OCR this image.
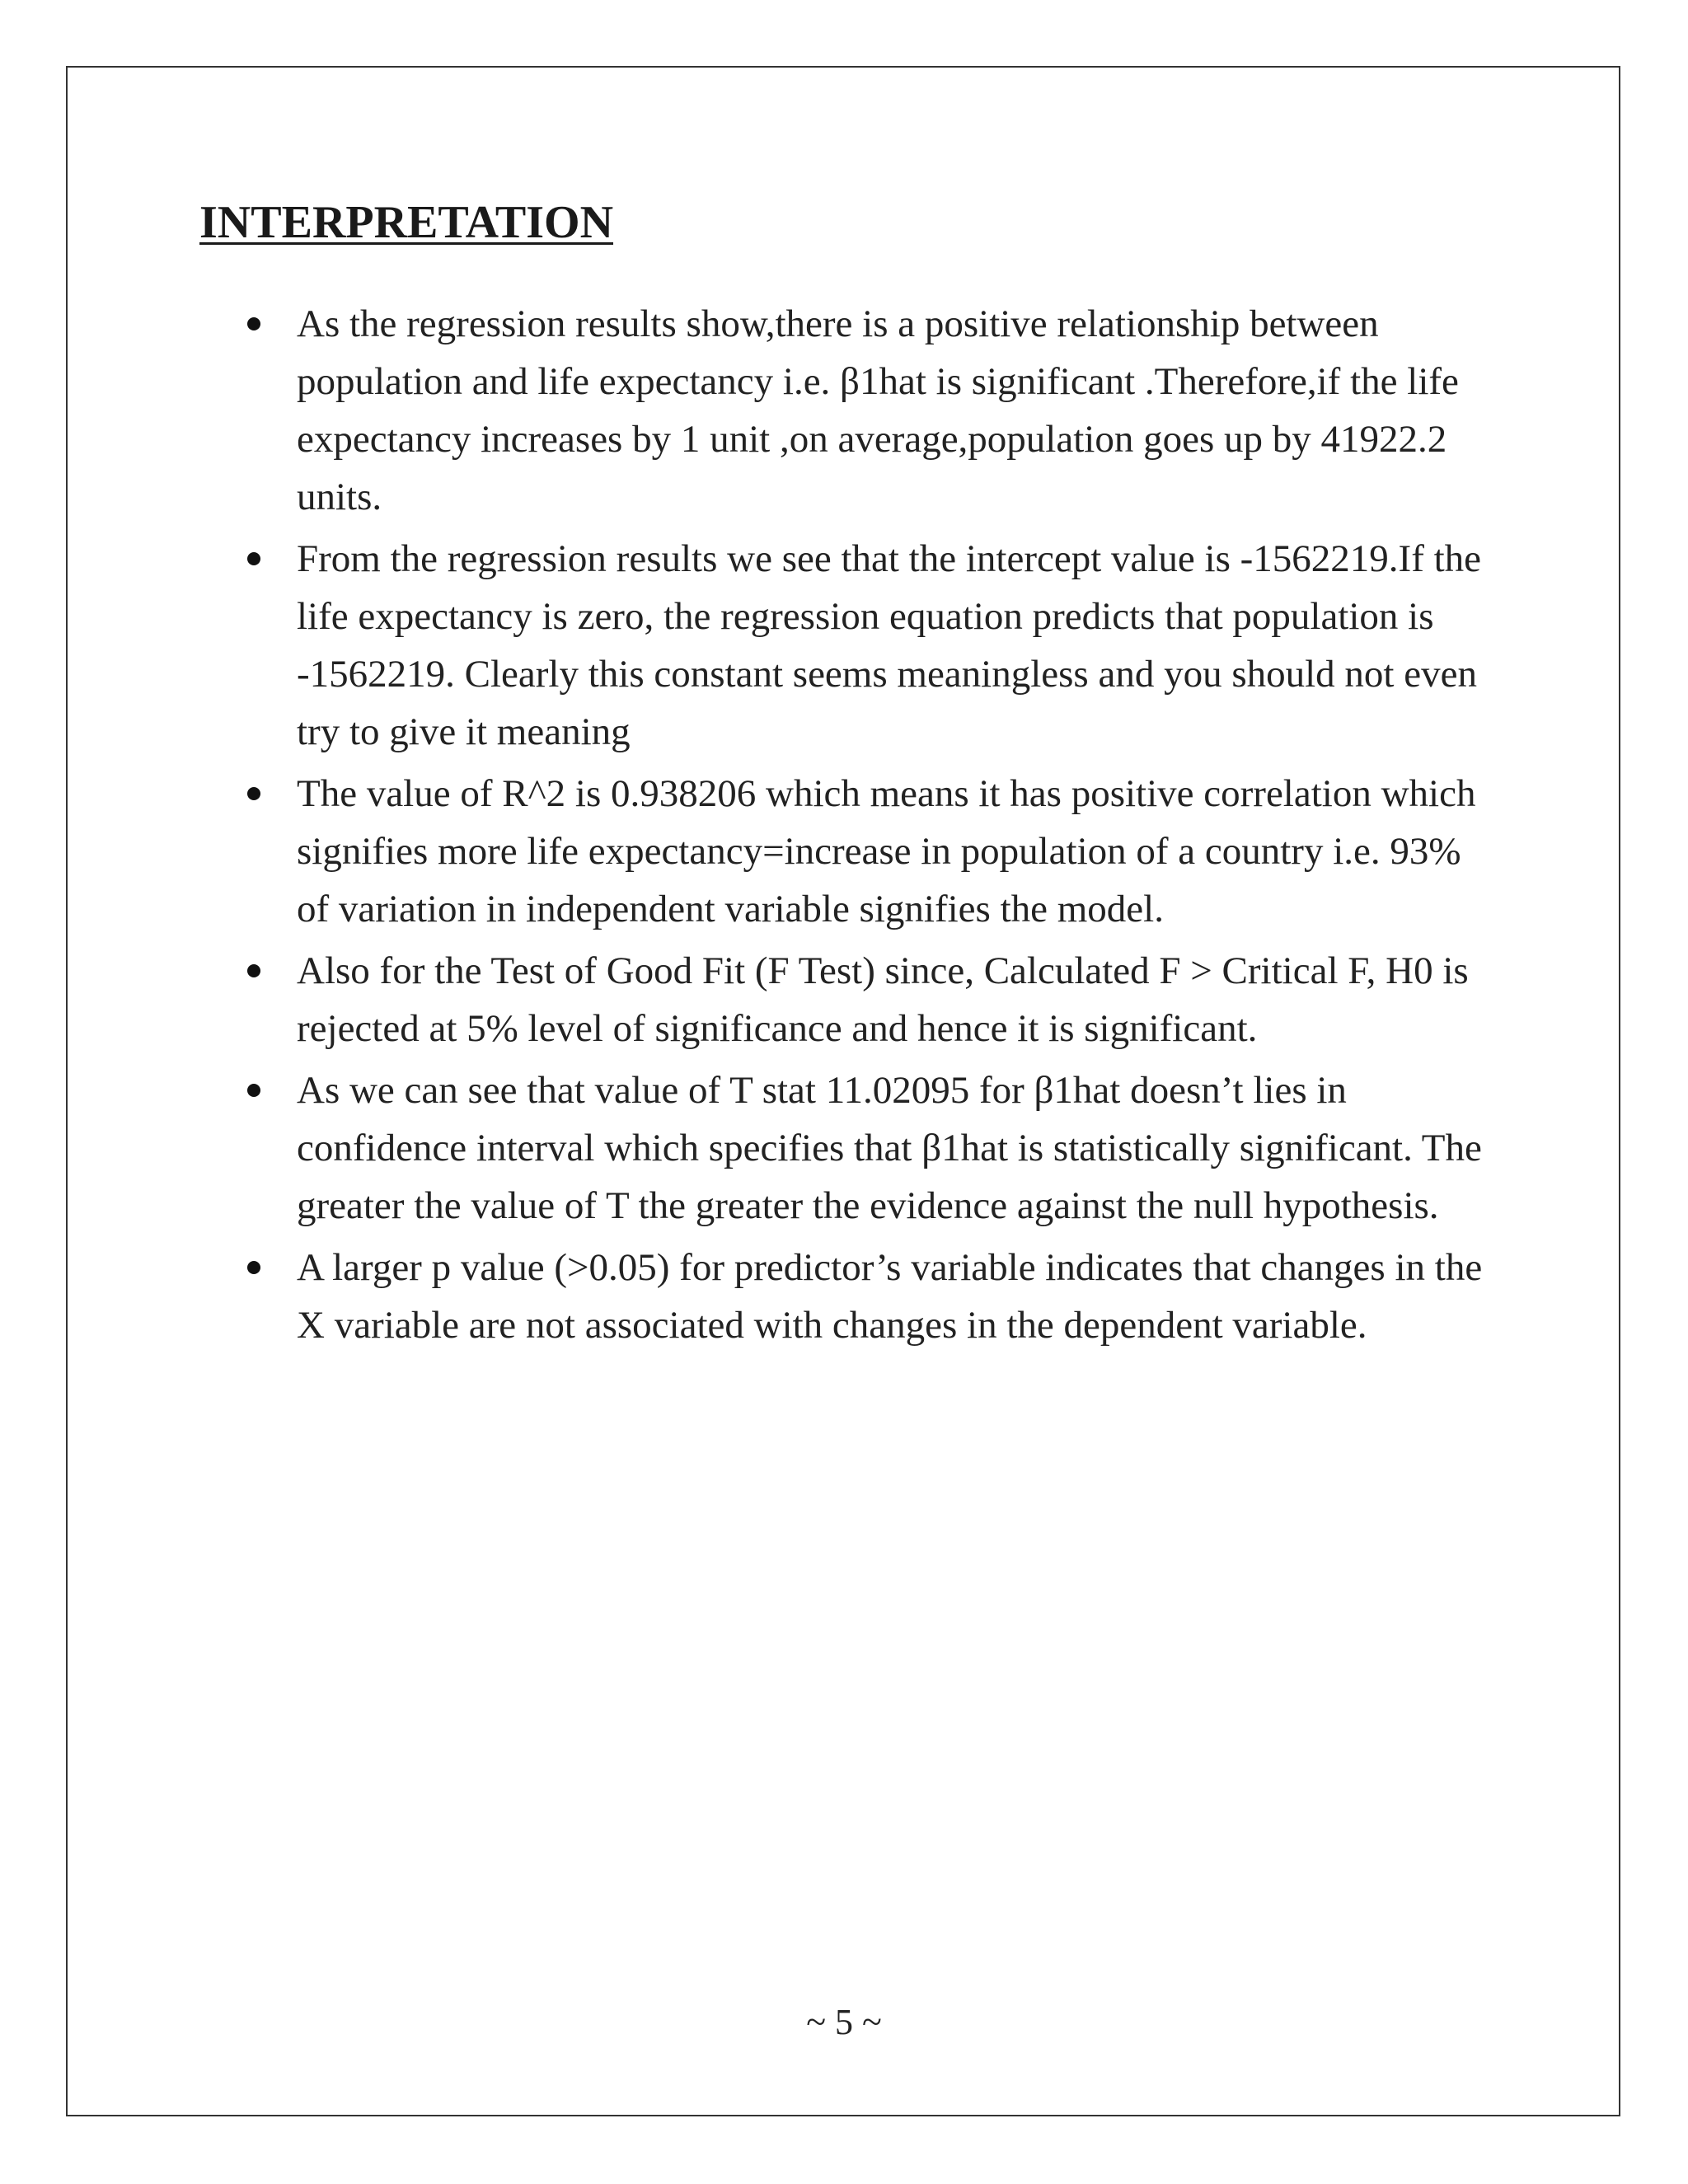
INTERPRETATION
As the regression results show,there is a positive relationship between population and life expectancy i.e. β1hat is significant .Therefore,if the life expectancy increases by 1 unit ,on average,population goes up by 41922.2 units.
From the regression results we see that the intercept value is -1562219.If the life expectancy is zero, the regression equation predicts that population is -1562219. Clearly this constant seems meaningless and you should not even try to give it meaning
The value of R^2 is 0.938206 which means it has positive correlation which signifies more life expectancy=increase in population of a country i.e. 93% of variation in independent variable signifies the model.
Also for the Test of Good Fit (F Test) since, Calculated F > Critical F, H0 is rejected at 5% level of significance and hence it is significant.
As we can see that value of T stat 11.02095 for β1hat doesn’t lies in confidence interval which specifies that β1hat is statistically significant. The greater the value of T the greater the evidence against the null hypothesis.
A larger p value (>0.05) for predictor’s variable indicates that changes in the X variable are not associated with changes in the dependent variable.
~ 5 ~
